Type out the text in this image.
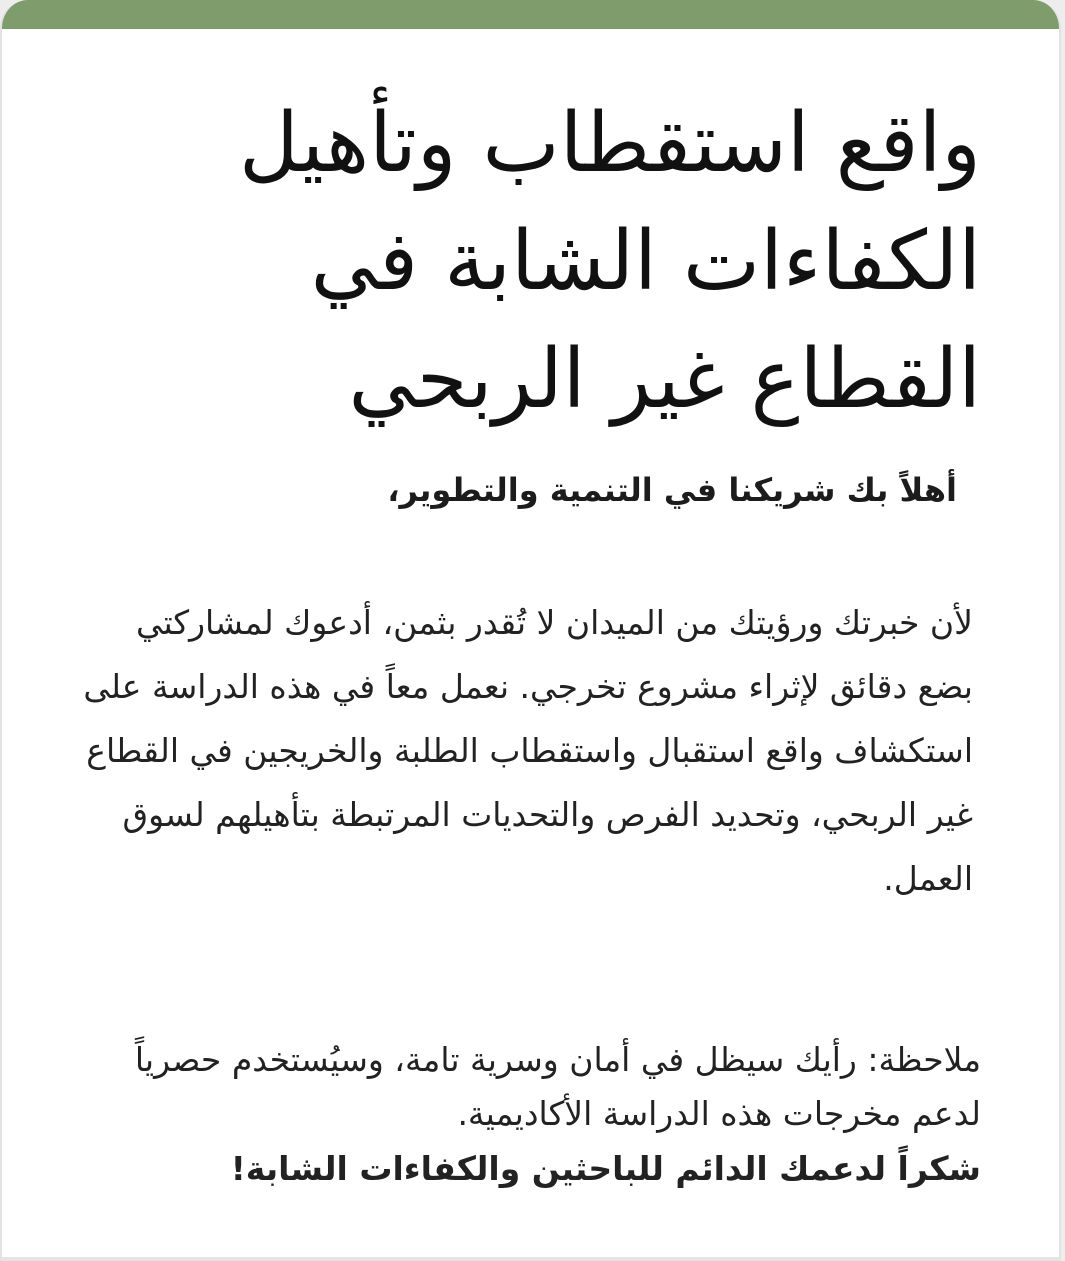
واقع استقطاب وتأهيل الكفاءات الشابة في القطاع غير الربحي

أهلاً بك شريكنا في التنمية والتطوير،

لأن خبرتك ورؤيتك من الميدان لا تُقدر بثمن، أدعوك لمشاركتي بضع دقائق لإثراء مشروع تخرجي. نعمل معاً في هذه الدراسة على استكشاف واقع استقبال واستقطاب الطلبة والخريجين في القطاع غير الربحي، وتحديد الفرص والتحديات المرتبطة بتأهيلهم لسوق العمل.

ملاحظة: رأيك سيظل في أمان وسرية تامة، وسيُستخدم حصرياً لدعم مخرجات هذه الدراسة الأكاديمية.

شكراً لدعمك الدائم للباحثين والكفاءات الشابة!
